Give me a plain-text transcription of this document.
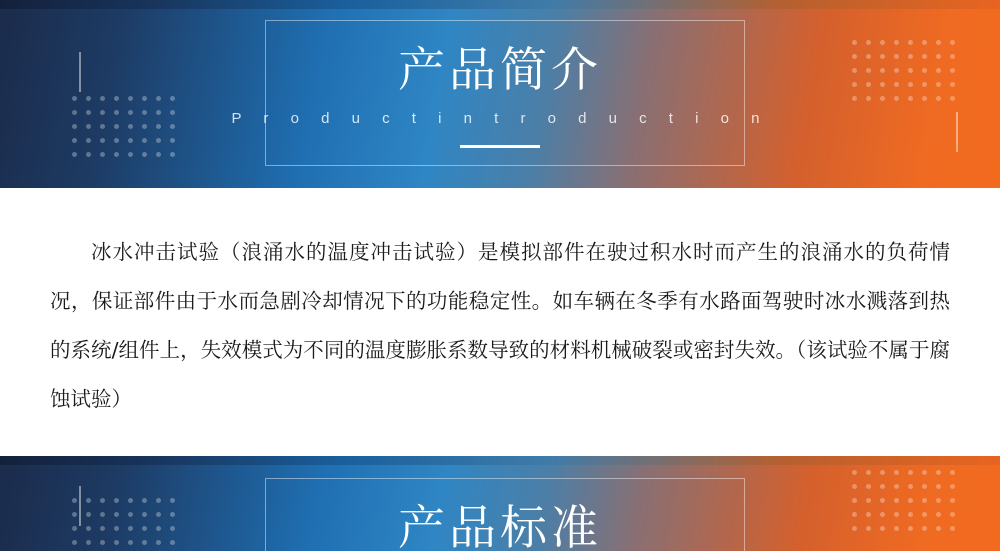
产品简介
P r o d u c t i n t r o d u c t i o n

冰水冲击试验（浪涌水的温度冲击试验）是模拟部件在驶过积水时而产生的浪涌水的负荷情况，保证部件由于水而急剧冷却情况下的功能稳定性。如车辆在冬季有水路面驾驶时冰水溅落到热的系统/组件上，失效模式为不同的温度膨胀系数导致的材料机械破裂或密封失效。（该试验不属于腐蚀试验）

产品标准
